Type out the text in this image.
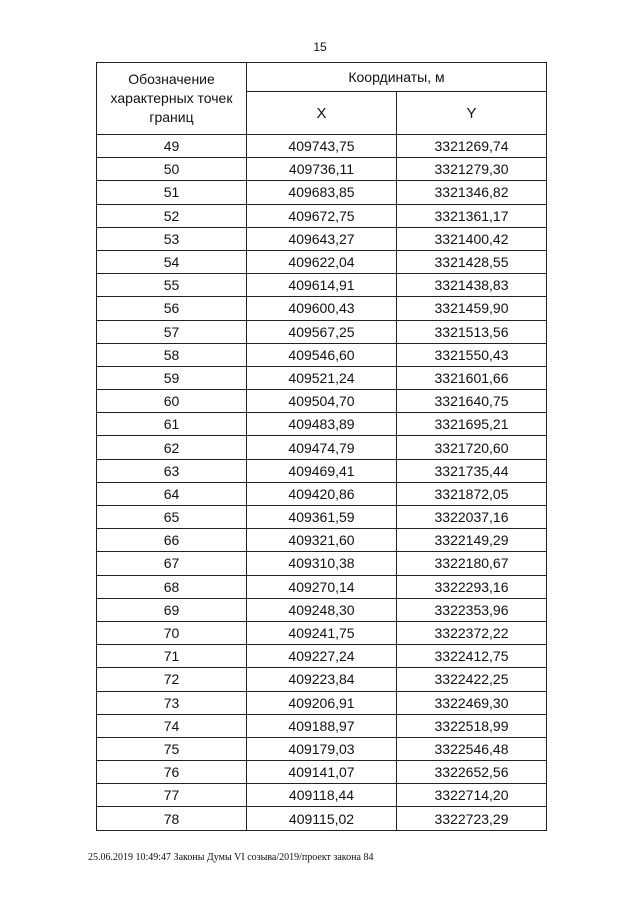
15
Обозначение характерных точек границ	Координаты, м	
	X	Y
49	409743,75	3321269,74
50	409736,11	3321279,30
51	409683,85	3321346,82
52	409672,75	3321361,17
53	409643,27	3321400,42
54	409622,04	3321428,55
55	409614,91	3321438,83
56	409600,43	3321459,90
57	409567,25	3321513,56
58	409546,60	3321550,43
59	409521,24	3321601,66
60	409504,70	3321640,75
61	409483,89	3321695,21
62	409474,79	3321720,60
63	409469,41	3321735,44
64	409420,86	3321872,05
65	409361,59	3322037,16
66	409321,60	3322149,29
67	409310,38	3322180,67
68	409270,14	3322293,16
69	409248,30	3322353,96
70	409241,75	3322372,22
71	409227,24	3322412,75
72	409223,84	3322422,25
73	409206,91	3322469,30
74	409188,97	3322518,99
75	409179,03	3322546,48
76	409141,07	3322652,56
77	409118,44	3322714,20
78	409115,02	3322723,29
25.06.2019 10:49:47 Законы Думы VI созыва/2019/проект закона 84
